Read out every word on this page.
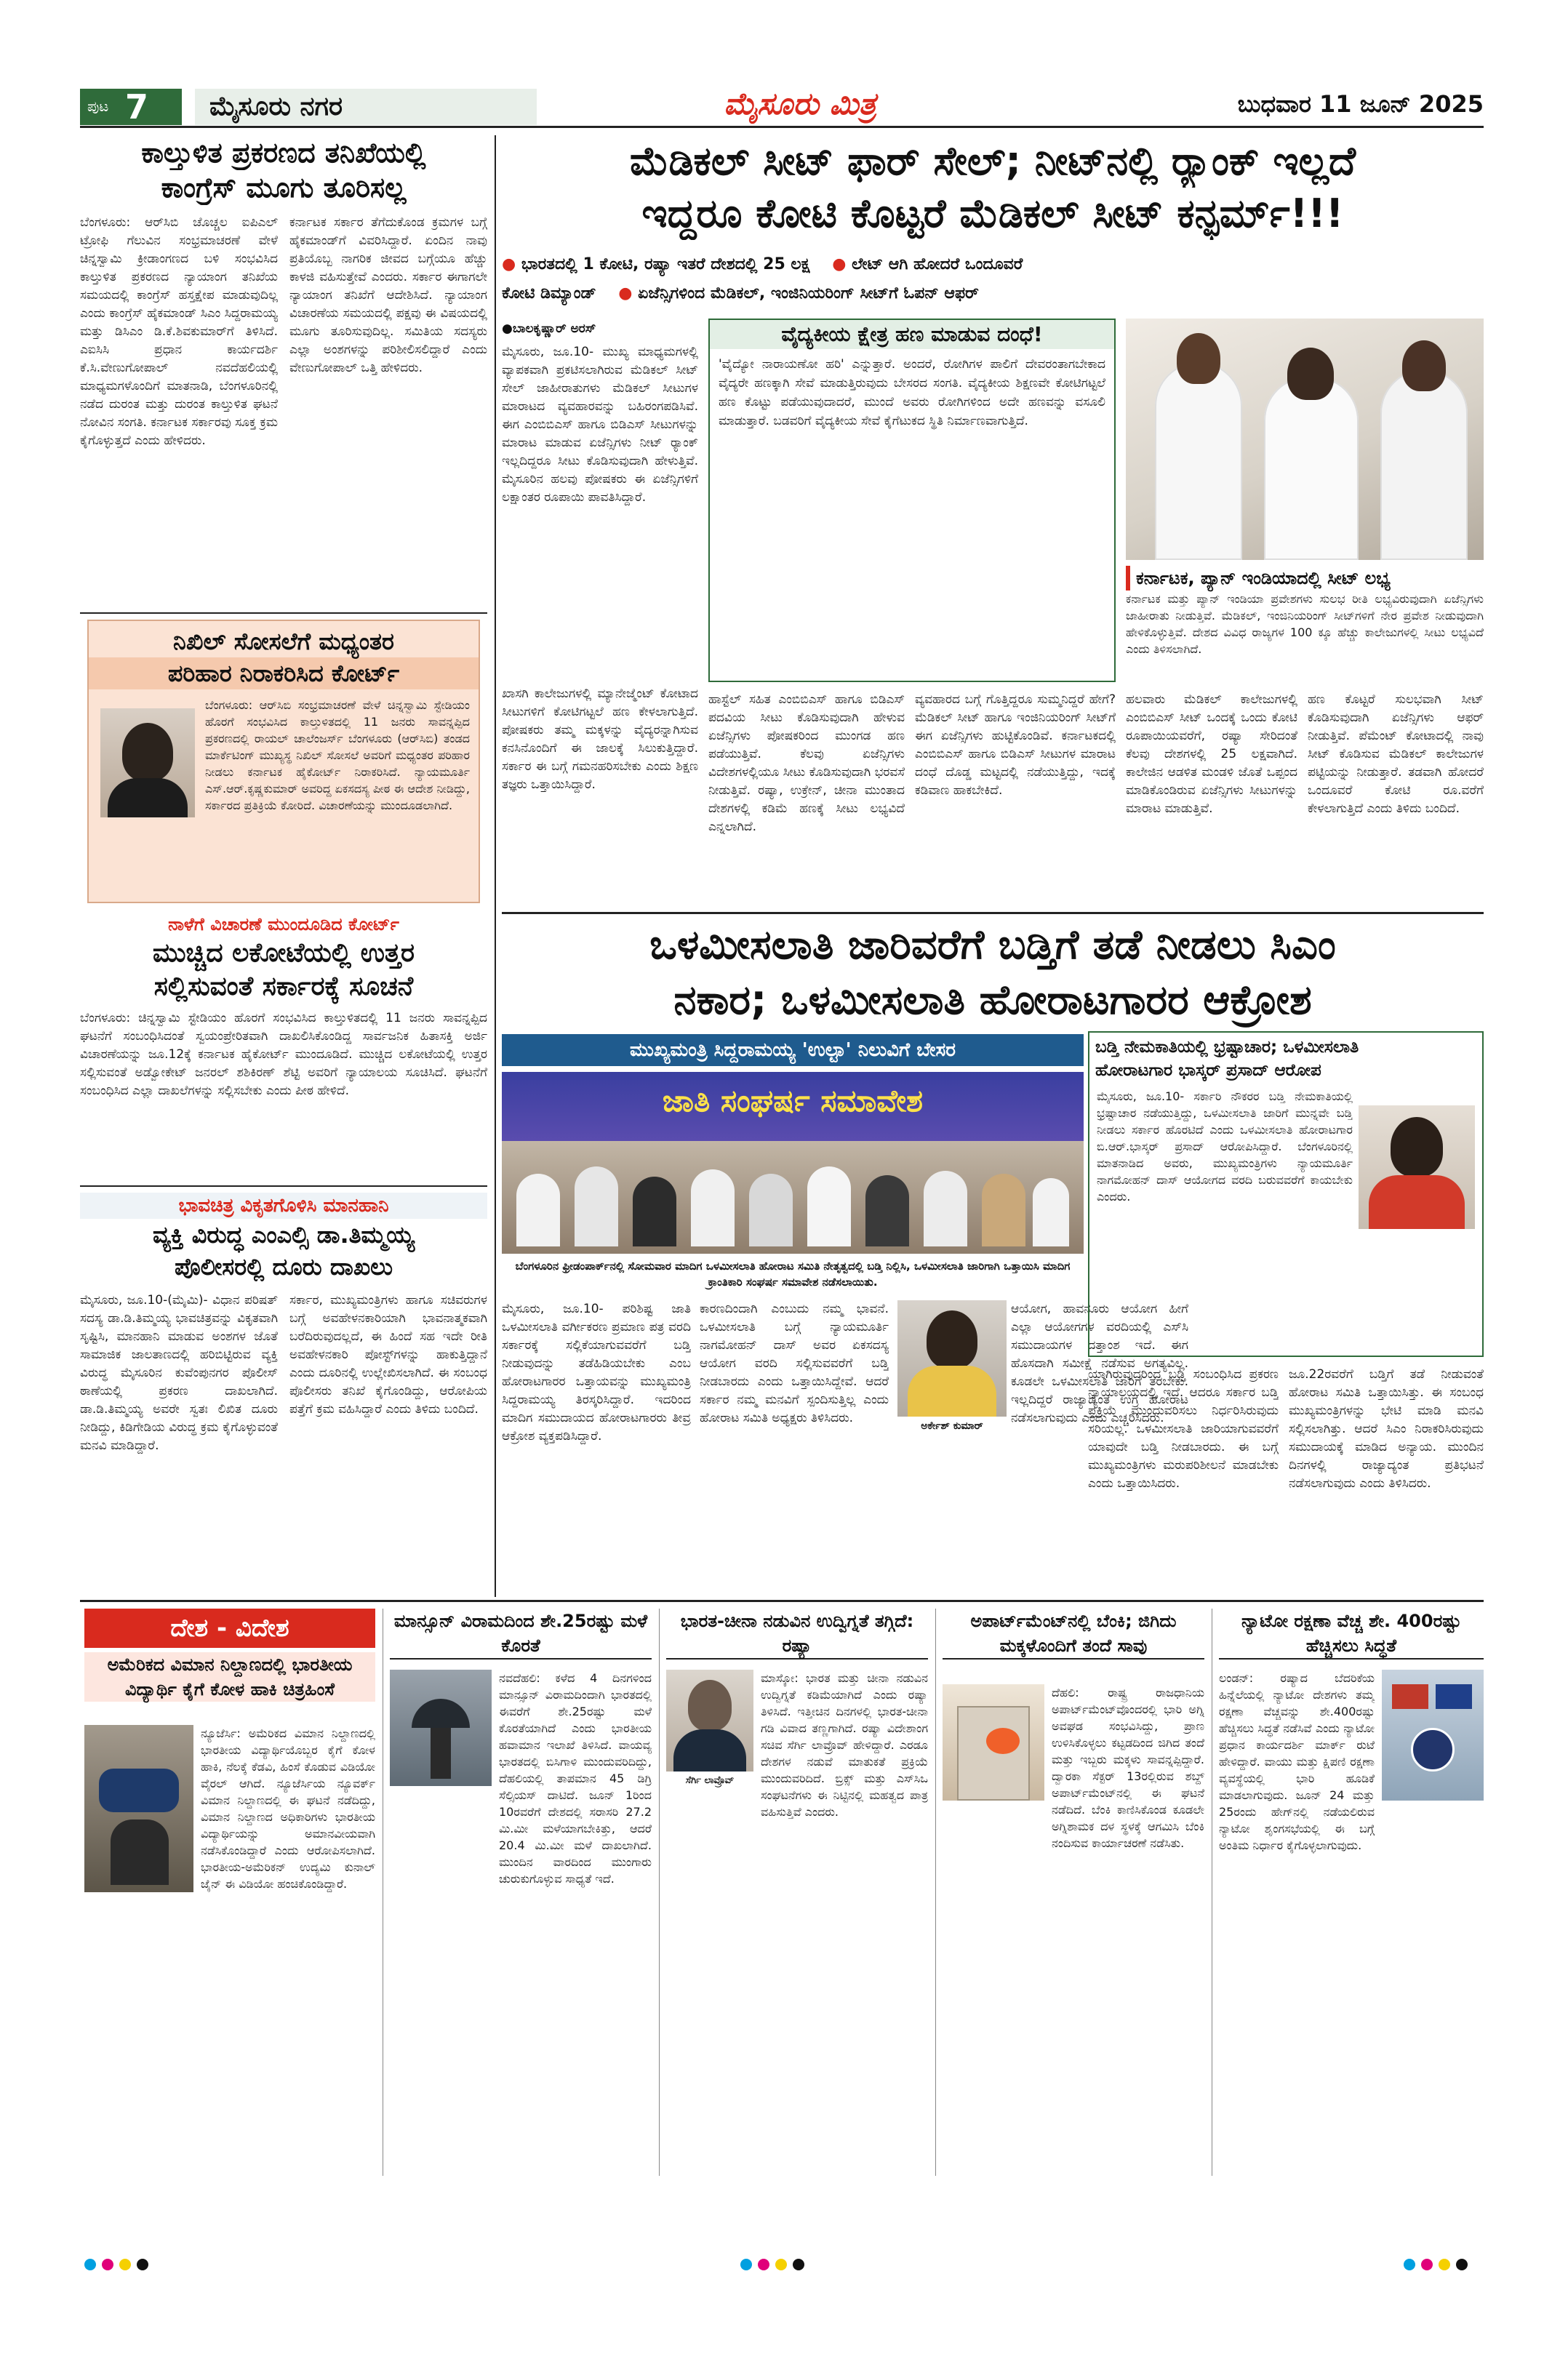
ಪುಟ 7	ಮೈಸೂರು ನಗರ	ಮೈಸೂರು ಮಿತ್ರ	ಬುಧವಾರ 11 ಜೂನ್ 2025
ಕಾಲ್ತುಳಿತ ಪ್ರಕರಣದ ತನಿಖೆಯಲ್ಲಿ
ಕಾಂಗ್ರೆಸ್ ಮೂಗು ತೂರಿಸಲ್ಲ
ಬೆಂಗಳೂರು: ಆರ್‌ಸಿಬಿ ಚೊಚ್ಚಲ ಐಪಿಎಲ್ ಟ್ರೋಫಿ ಗೆಲುವಿನ ಸಂಭ್ರಮಾಚರಣೆ ವೇಳೆ ಚಿನ್ನಸ್ವಾಮಿ ಕ್ರೀಡಾಂಗಣದ ಬಳಿ ಸಂಭವಿಸಿದ ಕಾಲ್ತುಳಿತ ಪ್ರಕರಣದ ನ್ಯಾಯಾಂಗ ತನಿಖೆಯ ಸಮಯದಲ್ಲಿ ಕಾಂಗ್ರೆಸ್ ಹಸ್ತಕ್ಷೇಪ ಮಾಡುವುದಿಲ್ಲ ಎಂದು ಕಾಂಗ್ರೆಸ್ ಹೈಕಮಾಂಡ್ ಸಿಎಂ ಸಿದ್ದರಾಮಯ್ಯ ಮತ್ತು ಡಿಸಿಎಂ ಡಿ.ಕೆ.ಶಿವಕುಮಾರ್‌ಗೆ ತಿಳಿಸಿದೆ. ಎಐಸಿಸಿ ಪ್ರಧಾನ ಕಾರ್ಯದರ್ಶಿ ಕೆ.ಸಿ.ವೇಣುಗೋಪಾಲ್ ನವದೆಹಲಿಯಲ್ಲಿ ಮಾಧ್ಯಮಗಳೊಂದಿಗೆ ಮಾತನಾಡಿ, ಬೆಂಗಳೂರಿನಲ್ಲಿ ನಡೆದ ದುರಂತ ಮತ್ತು ದುರಂತ ಕಾಲ್ತುಳಿತ ಘಟನೆ ನೋವಿನ ಸಂಗತಿ. ಕರ್ನಾಟಕ ಸರ್ಕಾರವು ಸೂಕ್ತ ಕ್ರಮ ಕೈಗೊಳ್ಳುತ್ತದೆ ಎಂದು ಹೇಳಿದರು.
ಕರ್ನಾಟಕ ಸರ್ಕಾರ ತೆಗೆದುಕೊಂಡ ಕ್ರಮಗಳ ಬಗ್ಗೆ ಹೈಕಮಾಂಡ್‌ಗೆ ವಿವರಿಸಿದ್ದಾರೆ. ಏಂದಿನ ನಾವು ಪ್ರತಿಯೊಬ್ಬ ನಾಗರಿಕ ಜೀವದ ಬಗ್ಗೆಯೂ ಹೆಚ್ಚು ಕಾಳಜಿ ವಹಿಸುತ್ತೇವೆ ಎಂದರು. ಸರ್ಕಾರ ಈಗಾಗಲೇ ನ್ಯಾಯಾಂಗ ತನಿಖೆಗೆ ಆದೇಶಿಸಿದೆ. ನ್ಯಾಯಾಂಗ ವಿಚಾರಣೆಯ ಸಮಯದಲ್ಲಿ ಪಕ್ಷವು ಈ ವಿಷಯದಲ್ಲಿ ಮೂಗು ತೂರಿಸುವುದಿಲ್ಲ. ಸಮಿತಿಯ ಸದಸ್ಯರು ಎಲ್ಲಾ ಅಂಶಗಳನ್ನು ಪರಿಶೀಲಿಸಲಿದ್ದಾರೆ ಎಂದು ವೇಣುಗೋಪಾಲ್ ಒತ್ತಿ ಹೇಳಿದರು.
ನಿಖಿಲ್ ಸೋಸಲೆಗೆ ಮಧ್ಯಂತರ
ಪರಿಹಾರ ನಿರಾಕರಿಸಿದ ಕೋರ್ಟ್
ಬೆಂಗಳೂರು: ಆರ್‌ಸಿಬಿ ಸಂಭ್ರಮಾಚರಣೆ ವೇಳೆ ಚಿನ್ನಸ್ವಾಮಿ ಸ್ಟೇಡಿಯಂ ಹೊರಗೆ ಸಂಭವಿಸಿದ ಕಾಲ್ತುಳಿತದಲ್ಲಿ 11 ಜನರು ಸಾವನ್ನಪ್ಪಿದ ಪ್ರಕರಣದಲ್ಲಿ ರಾಯಲ್ ಚಾಲೆಂಜರ್ಸ್ ಬೆಂಗಳೂರು (ಆರ್‌ಸಿಬಿ) ತಂಡದ ಮಾರ್ಕೆಟಿಂಗ್ ಮುಖ್ಯಸ್ಥ ನಿಖಿಲ್ ಸೋಸಲೆ ಅವರಿಗೆ ಮಧ್ಯಂತರ ಪರಿಹಾರ ನೀಡಲು ಕರ್ನಾಟಕ ಹೈಕೋರ್ಟ್ ನಿರಾಕರಿಸಿದೆ. ನ್ಯಾಯಮೂರ್ತಿ ಎಸ್.ಆರ್.ಕೃಷ್ಣಕುಮಾರ್ ಅವರಿದ್ದ ಏಕಸದಸ್ಯ ಪೀಠ ಈ ಆದೇಶ ನೀಡಿದ್ದು, ಸರ್ಕಾರದ ಪ್ರತಿಕ್ರಿಯೆ ಕೋರಿದೆ. ವಿಚಾರಣೆಯನ್ನು ಮುಂದೂಡಲಾಗಿದೆ.
ನಾಳೆಗೆ ವಿಚಾರಣೆ ಮುಂದೂಡಿದ ಕೋರ್ಟ್
ಮುಚ್ಚಿದ ಲಕೋಟೆಯಲ್ಲಿ ಉತ್ತರ
ಸಲ್ಲಿಸುವಂತೆ ಸರ್ಕಾರಕ್ಕೆ ಸೂಚನೆ
ಬೆಂಗಳೂರು: ಚಿನ್ನಸ್ವಾಮಿ ಸ್ಟೇಡಿಯಂ ಹೊರಗೆ ಸಂಭವಿಸಿದ ಕಾಲ್ತುಳಿತದಲ್ಲಿ 11 ಜನರು ಸಾವನ್ನಪ್ಪಿದ ಘಟನೆಗೆ ಸಂಬಂಧಿಸಿದಂತೆ ಸ್ವಯಂಪ್ರೇರಿತವಾಗಿ ದಾಖಲಿಸಿಕೊಂಡಿದ್ದ ಸಾರ್ವಜನಿಕ ಹಿತಾಸಕ್ತಿ ಅರ್ಜಿ ವಿಚಾರಣೆಯನ್ನು ಜೂ.12ಕ್ಕೆ ಕರ್ನಾಟಕ ಹೈಕೋರ್ಟ್ ಮುಂದೂಡಿದೆ. ಮುಚ್ಚಿದ ಲಕೋಟೆಯಲ್ಲಿ ಉತ್ತರ ಸಲ್ಲಿಸುವಂತೆ ಅಡ್ವೋಕೇಟ್ ಜನರಲ್ ಶಶಿಕಿರಣ್ ಶೆಟ್ಟಿ ಅವರಿಗೆ ನ್ಯಾಯಾಲಯ ಸೂಚಿಸಿದೆ. ಘಟನೆಗೆ ಸಂಬಂಧಿಸಿದ ಎಲ್ಲಾ ದಾಖಲೆಗಳನ್ನು ಸಲ್ಲಿಸಬೇಕು ಎಂದು ಪೀಠ ಹೇಳಿದೆ.
ಭಾವಚಿತ್ರ ವಿಕೃತಗೊಳಿಸಿ ಮಾನಹಾನಿ
ವ್ಯಕ್ತಿ ವಿರುದ್ಧ ಎಂಎಲ್ಸಿ ಡಾ.ತಿಮ್ಮಯ್ಯ
ಪೊಲೀಸರಲ್ಲಿ ದೂರು ದಾಖಲು
ಮೈಸೂರು, ಜೂ.10-(ಮೈಮಿ)- ವಿಧಾನ ಪರಿಷತ್ ಸದಸ್ಯ ಡಾ.ಡಿ.ತಿಮ್ಮಯ್ಯ ಭಾವಚಿತ್ರವನ್ನು ವಿಕೃತವಾಗಿ ಸೃಷ್ಟಿಸಿ, ಮಾನಹಾನಿ ಮಾಡುವ ಅಂಶಗಳ ಜೊತೆ ಸಾಮಾಜಿಕ ಜಾಲತಾಣದಲ್ಲಿ ಹರಿಬಿಟ್ಟಿರುವ ವ್ಯಕ್ತಿ ವಿರುದ್ಧ ಮೈಸೂರಿನ ಕುವೆಂಪುನಗರ ಪೊಲೀಸ್ ಠಾಣೆಯಲ್ಲಿ ಪ್ರಕರಣ ದಾಖಲಾಗಿದೆ. ಡಾ.ಡಿ.ತಿಮ್ಮಯ್ಯ ಅವರೇ ಸ್ವತಃ ಲಿಖಿತ ದೂರು ನೀಡಿದ್ದು, ಕಿಡಿಗೇಡಿಯ ವಿರುದ್ಧ ಕ್ರಮ ಕೈಗೊಳ್ಳುವಂತೆ ಮನವಿ ಮಾಡಿದ್ದಾರೆ.
ಸರ್ಕಾರ, ಮುಖ್ಯಮಂತ್ರಿಗಳು ಹಾಗೂ ಸಚಿವರುಗಳ ಬಗ್ಗೆ ಅವಹೇಳನಕಾರಿಯಾಗಿ ಭಾವನಾತ್ಮಕವಾಗಿ ಬರೆದಿರುವುದಲ್ಲದೆ, ಈ ಹಿಂದೆ ಸಹ ಇದೇ ರೀತಿ ಅವಹೇಳನಕಾರಿ ಪೋಸ್ಟ್‌ಗಳನ್ನು ಹಾಕುತ್ತಿದ್ದಾನೆ ಎಂದು ದೂರಿನಲ್ಲಿ ಉಲ್ಲೇಖಿಸಲಾಗಿದೆ. ಈ ಸಂಬಂಧ ಪೊಲೀಸರು ತನಿಖೆ ಕೈಗೊಂಡಿದ್ದು, ಆರೋಪಿಯ ಪತ್ತೆಗೆ ಕ್ರಮ ವಹಿಸಿದ್ದಾರೆ ಎಂದು ತಿಳಿದು ಬಂದಿದೆ.
ಮೆಡಿಕಲ್ ಸೀಟ್ ಫಾರ್ ಸೇಲ್; ನೀಟ್‌ನಲ್ಲಿ ರ್‍ಯಾಂಕ್ ಇಲ್ಲದೆ
ಇದ್ದರೂ ಕೋಟಿ ಕೊಟ್ಟರೆ ಮೆಡಿಕಲ್ ಸೀಟ್ ಕನ್ಫರ್ಮ್!!!
● ಭಾರತದಲ್ಲಿ 1 ಕೋಟಿ, ರಷ್ಯಾ ಇತರೆ ದೇಶದಲ್ಲಿ 25 ಲಕ್ಷ ● ಲೇಟ್ ಆಗಿ ಹೋದರೆ ಒಂದೂವರೆ
ಕೋಟಿ ಡಿಮ್ಯಾಂಡ್ ● ಏಜೆನ್ಸಿಗಳಿಂದ ಮೆಡಿಕಲ್, ಇಂಜಿನಿಯರಿಂಗ್ ಸೀಟ್‌ಗೆ ಓಪನ್ ಆಫರ್
●ಬಾಲಕೃಷ್ಣಾರ್ ಅರಸ್
ಮೈಸೂರು, ಜೂ.10- ಮುಖ್ಯ ಮಾಧ್ಯಮಗಳಲ್ಲಿ ವ್ಯಾಪಕವಾಗಿ ಪ್ರಕಟಿಸಲಾಗಿರುವ ಮೆಡಿಕಲ್ ಸೀಟ್ ಸೇಲ್ ಜಾಹೀರಾತುಗಳು ಮೆಡಿಕಲ್ ಸೀಟುಗಳ ಮಾರಾಟದ ವ್ಯವಹಾರವನ್ನು ಬಹಿರಂಗಪಡಿಸಿವೆ. ಈಗ ಎಂಬಿಬಿಎಸ್ ಹಾಗೂ ಬಿಡಿಎಸ್ ಸೀಟುಗಳನ್ನು ಮಾರಾಟ ಮಾಡುವ ಏಜೆನ್ಸಿಗಳು ನೀಟ್ ರ್‍ಯಾಂಕ್ ಇಲ್ಲದಿದ್ದರೂ ಸೀಟು ಕೊಡಿಸುವುದಾಗಿ ಹೇಳುತ್ತಿವೆ. ಮೈಸೂರಿನ ಹಲವು ಪೋಷಕರು ಈ ಏಜೆನ್ಸಿಗಳಿಗೆ ಲಕ್ಷಾಂತರ ರೂಪಾಯಿ ಪಾವತಿಸಿದ್ದಾರೆ.
ವೈದ್ಯಕೀಯ ಕ್ಷೇತ್ರ ಹಣ ಮಾಡುವ ದಂಧೆ!
'ವೈದ್ಯೋ ನಾರಾಯಣೋ ಹರಿ' ಎನ್ನುತ್ತಾರೆ. ಅಂದರೆ, ರೋಗಿಗಳ ಪಾಲಿಗೆ ದೇವರಂತಾಗಬೇಕಾದ ವೈದ್ಯರೇ ಹಣಕ್ಕಾಗಿ ಸೇವೆ ಮಾಡುತ್ತಿರುವುದು ಬೇಸರದ ಸಂಗತಿ. ವೈದ್ಯಕೀಯ ಶಿಕ್ಷಣವೇ ಕೋಟಿಗಟ್ಟಲೆ ಹಣ ಕೊಟ್ಟು ಪಡೆಯುವುದಾದರೆ, ಮುಂದೆ ಅವರು ರೋಗಿಗಳಿಂದ ಅದೇ ಹಣವನ್ನು ವಸೂಲಿ ಮಾಡುತ್ತಾರೆ. ಬಡವರಿಗೆ ವೈದ್ಯಕೀಯ ಸೇವೆ ಕೈಗೆಟುಕದ ಸ್ಥಿತಿ ನಿರ್ಮಾಣವಾಗುತ್ತಿದೆ.
ಕರ್ನಾಟಕ, ಪ್ಯಾನ್ ಇಂಡಿಯಾದಲ್ಲಿ ಸೀಟ್ ಲಭ್ಯ
ಕರ್ನಾಟಕ ಮತ್ತು ಪ್ಯಾನ್ ಇಂಡಿಯಾ ಪ್ರವೇಶಗಳು ಸುಲಭ ರೀತಿ ಲಭ್ಯವಿರುವುದಾಗಿ ಏಜೆನ್ಸಿಗಳು ಜಾಹೀರಾತು ನೀಡುತ್ತಿವೆ. ಮೆಡಿಕಲ್, ಇಂಜಿನಿಯರಿಂಗ್ ಸೀಟ್‌ಗಳಿಗೆ ನೇರ ಪ್ರವೇಶ ನೀಡುವುದಾಗಿ ಹೇಳಿಕೊಳ್ಳುತ್ತಿವೆ. ದೇಶದ ವಿವಿಧ ರಾಜ್ಯಗಳ 100 ಕ್ಕೂ ಹೆಚ್ಚು ಕಾಲೇಜುಗಳಲ್ಲಿ ಸೀಟು ಲಭ್ಯವಿದೆ ಎಂದು ತಿಳಿಸಲಾಗಿದೆ.
ಖಾಸಗಿ ಕಾಲೇಜುಗಳಲ್ಲಿ ಮ್ಯಾನೇಜ್ಮೆಂಟ್ ಕೋಟಾದ ಸೀಟುಗಳಿಗೆ ಕೋಟಿಗಟ್ಟಲೆ ಹಣ ಕೇಳಲಾಗುತ್ತಿದೆ. ಪೋಷಕರು ತಮ್ಮ ಮಕ್ಕಳನ್ನು ವೈದ್ಯರನ್ನಾಗಿಸುವ ಕನಸಿನೊಂದಿಗೆ ಈ ಜಾಲಕ್ಕೆ ಸಿಲುಕುತ್ತಿದ್ದಾರೆ. ಸರ್ಕಾರ ಈ ಬಗ್ಗೆ ಗಮನಹರಿಸಬೇಕು ಎಂದು ಶಿಕ್ಷಣ ತಜ್ಞರು ಒತ್ತಾಯಿಸಿದ್ದಾರೆ.
ಹಾಸ್ಟೆಲ್ ಸಹಿತ ಎಂಬಿಬಿಎಸ್ ಹಾಗೂ ಬಿಡಿಎಸ್ ಪದವಿಯ ಸೀಟು ಕೊಡಿಸುವುದಾಗಿ ಹೇಳುವ ಏಜೆನ್ಸಿಗಳು ಪೋಷಕರಿಂದ ಮುಂಗಡ ಹಣ ಪಡೆಯುತ್ತಿವೆ. ಕೆಲವು ಏಜೆನ್ಸಿಗಳು ವಿದೇಶಗಳಲ್ಲಿಯೂ ಸೀಟು ಕೊಡಿಸುವುದಾಗಿ ಭರವಸೆ ನೀಡುತ್ತಿವೆ. ರಷ್ಯಾ, ಉಕ್ರೇನ್, ಚೀನಾ ಮುಂತಾದ ದೇಶಗಳಲ್ಲಿ ಕಡಿಮೆ ಹಣಕ್ಕೆ ಸೀಟು ಲಭ್ಯವಿದೆ ಎನ್ನಲಾಗಿದೆ.
ವ್ಯವಹಾರದ ಬಗ್ಗೆ ಗೊತ್ತಿದ್ದರೂ ಸುಮ್ಮನಿದ್ದರೆ ಹೇಗೆ? ಮೆಡಿಕಲ್ ಸೀಟ್ ಹಾಗೂ ಇಂಜಿನಿಯರಿಂಗ್ ಸೀಟ್‌ಗೆ ಈಗ ಏಜೆನ್ಸಿಗಳು ಹುಟ್ಟಿಕೊಂಡಿವೆ. ಕರ್ನಾಟಕದಲ್ಲಿ ಎಂಬಿಬಿಎಸ್ ಹಾಗೂ ಬಿಡಿಎಸ್ ಸೀಟುಗಳ ಮಾರಾಟ ದಂಧೆ ದೊಡ್ಡ ಮಟ್ಟದಲ್ಲಿ ನಡೆಯುತ್ತಿದ್ದು, ಇದಕ್ಕೆ ಕಡಿವಾಣ ಹಾಕಬೇಕಿದೆ.
ಹಲವಾರು ಮೆಡಿಕಲ್ ಕಾಲೇಜುಗಳಲ್ಲಿ ಎಂಬಿಬಿಎಸ್ ಸೀಟ್ ಒಂದಕ್ಕೆ ಒಂದು ಕೋಟಿ ರೂಪಾಯಿಯವರೆಗೆ, ರಷ್ಯಾ ಸೇರಿದಂತೆ ಕೆಲವು ದೇಶಗಳಲ್ಲಿ 25 ಲಕ್ಷವಾಗಿದೆ. ಕಾಲೇಜಿನ ಆಡಳಿತ ಮಂಡಳಿ ಜೊತೆ ಒಪ್ಪಂದ ಮಾಡಿಕೊಂಡಿರುವ ಏಜೆನ್ಸಿಗಳು ಸೀಟುಗಳನ್ನು ಮಾರಾಟ ಮಾಡುತ್ತಿವೆ.
ಹಣ ಕೊಟ್ಟರೆ ಸುಲಭವಾಗಿ ಸೀಟ್ ಕೊಡಿಸುವುದಾಗಿ ಏಜೆನ್ಸಿಗಳು ಆಫರ್ ನೀಡುತ್ತಿವೆ. ಪೆಮೆಂಟ್ ಕೋಟಾದಲ್ಲಿ ನಾವು ಸೀಟ್ ಕೊಡಿಸುವ ಮೆಡಿಕಲ್ ಕಾಲೇಜುಗಳ ಪಟ್ಟಿಯನ್ನು ನೀಡುತ್ತಾರೆ. ತಡವಾಗಿ ಹೋದರೆ ಒಂದೂವರೆ ಕೋಟಿ ರೂ.ವರೆಗೆ ಕೇಳಲಾಗುತ್ತಿದೆ ಎಂದು ತಿಳಿದು ಬಂದಿದೆ.
ಒಳಮೀಸಲಾತಿ ಜಾರಿವರೆಗೆ ಬಡ್ತಿಗೆ ತಡೆ ನೀಡಲು ಸಿಎಂ
ನಕಾರ; ಒಳಮೀಸಲಾತಿ ಹೋರಾಟಗಾರರ ಆಕ್ರೋಶ
ಮುಖ್ಯಮಂತ್ರಿ ಸಿದ್ದರಾಮಯ್ಯ 'ಉಲ್ಟಾ' ನಿಲುವಿಗೆ ಬೇಸರ
ಜಾತಿ ಸಂಘರ್ಷ ಸಮಾವೇಶ
ಬೆಂಗಳೂರಿನ ಫ್ರೀಡಂಪಾರ್ಕ್‌ನಲ್ಲಿ ಸೋಮವಾರ ಮಾದಿಗ ಒಳಮೀಸಲಾತಿ ಹೋರಾಟ ಸಮಿತಿ ನೇತೃತ್ವದಲ್ಲಿ ಬಡ್ತಿ ನಿಲ್ಲಿಸಿ, ಒಳಮೀಸಲಾತಿ ಜಾರಿಗಾಗಿ ಒತ್ತಾಯಿಸಿ ಮಾದಿಗ ಕ್ರಾಂತಿಕಾರಿ ಸಂಘರ್ಷ ಸಮಾವೇಶ ನಡೆಸಲಾಯಿತು.
ಮೈಸೂರು, ಜೂ.10- ಪರಿಶಿಷ್ಟ ಜಾತಿ ಒಳಮೀಸಲಾತಿ ವರ್ಗೀಕರಣ ಪ್ರಮಾಣ ಪತ್ರ ವರದಿ ಸರ್ಕಾರಕ್ಕೆ ಸಲ್ಲಿಕೆಯಾಗುವವರೆಗೆ ಬಡ್ತಿ ನೀಡುವುದನ್ನು ತಡೆಹಿಡಿಯಬೇಕು ಎಂಬ ಹೋರಾಟಗಾರರ ಒತ್ತಾಯವನ್ನು ಮುಖ್ಯಮಂತ್ರಿ ಸಿದ್ದರಾಮಯ್ಯ ತಿರಸ್ಕರಿಸಿದ್ದಾರೆ. ಇದರಿಂದ ಮಾದಿಗ ಸಮುದಾಯದ ಹೋರಾಟಗಾರರು ತೀವ್ರ ಆಕ್ರೋಶ ವ್ಯಕ್ತಪಡಿಸಿದ್ದಾರೆ.
ಕಾರಣದಿಂದಾಗಿ ಎಂಬುದು ನಮ್ಮ ಭಾವನೆ. ಒಳಮೀಸಲಾತಿ ಬಗ್ಗೆ ನ್ಯಾಯಮೂರ್ತಿ ನಾಗಮೋಹನ್ ದಾಸ್ ಅವರ ಏಕಸದಸ್ಯ ಆಯೋಗ ವರದಿ ಸಲ್ಲಿಸುವವರೆಗೆ ಬಡ್ತಿ ನೀಡಬಾರದು ಎಂದು ಒತ್ತಾಯಿಸಿದ್ದೇವೆ. ಆದರೆ ಸರ್ಕಾರ ನಮ್ಮ ಮನವಿಗೆ ಸ್ಪಂದಿಸುತ್ತಿಲ್ಲ ಎಂದು ಹೋರಾಟ ಸಮಿತಿ ಅಧ್ಯಕ್ಷರು ತಿಳಿಸಿದರು.
ಅರ್ಕೇಶ್ ಕುಮಾರ್
ಆಯೋಗ, ಹಾವನೂರು ಆಯೋಗ ಹೀಗೆ ಎಲ್ಲಾ ಆಯೋಗಗಳ ವರದಿಯಲ್ಲಿ ಎಸ್‌ಸಿ ಸಮುದಾಯಗಳ ದತ್ತಾಂಶ ಇದೆ. ಈಗ ಹೊಸದಾಗಿ ಸಮೀಕ್ಷೆ ನಡೆಸುವ ಅಗತ್ಯವಿಲ್ಲ. ಕೂಡಲೇ ಒಳಮೀಸಲಾತಿ ಜಾರಿಗೆ ತರಬೇಕು. ಇಲ್ಲದಿದ್ದರೆ ರಾಜ್ಯಾದ್ಯಂತ ಉಗ್ರ ಹೋರಾಟ ನಡೆಸಲಾಗುವುದು ಎಂದು ಎಚ್ಚರಿಸಿದರು.
ಬಡ್ತಿ ನೇಮಕಾತಿಯಲ್ಲಿ ಭ್ರಷ್ಟಾಚಾರ; ಒಳಮೀಸಲಾತಿ
ಹೋರಾಟಗಾರ ಭಾಸ್ಕರ್ ಪ್ರಸಾದ್ ಆರೋಪ
ಮೈಸೂರು, ಜೂ.10- ಸರ್ಕಾರಿ ನೌಕರರ ಬಡ್ತಿ ನೇಮಕಾತಿಯಲ್ಲಿ ಭ್ರಷ್ಟಾಚಾರ ನಡೆಯುತ್ತಿದ್ದು, ಒಳಮೀಸಲಾತಿ ಜಾರಿಗೆ ಮುನ್ನವೇ ಬಡ್ತಿ ನೀಡಲು ಸರ್ಕಾರ ಹೊರಟಿದೆ ಎಂದು ಒಳಮೀಸಲಾತಿ ಹೋರಾಟಗಾರ ಬಿ.ಆರ್.ಭಾಸ್ಕರ್ ಪ್ರಸಾದ್ ಆರೋಪಿಸಿದ್ದಾರೆ. ಬೆಂಗಳೂರಿನಲ್ಲಿ ಮಾತನಾಡಿದ ಅವರು, ಮುಖ್ಯಮಂತ್ರಿಗಳು ನ್ಯಾಯಮೂರ್ತಿ ನಾಗಮೋಹನ್ ದಾಸ್ ಆಯೋಗದ ವರದಿ ಬರುವವರೆಗೆ ಕಾಯಬೇಕು ಎಂದರು.
ಯಾಗಿರುವುದರಿಂದ ಬಡ್ತಿ ಸಂಬಂಧಿಸಿದ ಪ್ರಕರಣ ನ್ಯಾಯಾಲಯದಲ್ಲಿ ಇದೆ. ಆದರೂ ಸರ್ಕಾರ ಬಡ್ತಿ ಪ್ರಕ್ರಿಯೆ ಮುಂದುವರಿಸಲು ನಿರ್ಧರಿಸಿರುವುದು ಸರಿಯಲ್ಲ. ಒಳಮೀಸಲಾತಿ ಜಾರಿಯಾಗುವವರೆಗೆ ಯಾವುದೇ ಬಡ್ತಿ ನೀಡಬಾರದು. ಈ ಬಗ್ಗೆ ಮುಖ್ಯಮಂತ್ರಿಗಳು ಮರುಪರಿಶೀಲನೆ ಮಾಡಬೇಕು ಎಂದು ಒತ್ತಾಯಿಸಿದರು.
ಜೂ.22ರವರೆಗೆ ಬಡ್ತಿಗೆ ತಡೆ ನೀಡುವಂತೆ ಹೋರಾಟ ಸಮಿತಿ ಒತ್ತಾಯಿಸಿತ್ತು. ಈ ಸಂಬಂಧ ಮುಖ್ಯಮಂತ್ರಿಗಳನ್ನು ಭೇಟಿ ಮಾಡಿ ಮನವಿ ಸಲ್ಲಿಸಲಾಗಿತ್ತು. ಆದರೆ ಸಿಎಂ ನಿರಾಕರಿಸಿರುವುದು ಸಮುದಾಯಕ್ಕೆ ಮಾಡಿದ ಅನ್ಯಾಯ. ಮುಂದಿನ ದಿನಗಳಲ್ಲಿ ರಾಜ್ಯಾದ್ಯಂತ ಪ್ರತಿಭಟನೆ ನಡೆಸಲಾಗುವುದು ಎಂದು ತಿಳಿಸಿದರು.
ದೇಶ - ವಿದೇಶ
ಅಮೆರಿಕದ ವಿಮಾನ ನಿಲ್ದಾಣದಲ್ಲಿ ಭಾರತೀಯ ವಿದ್ಯಾರ್ಥಿ ಕೈಗೆ ಕೋಳ ಹಾಕಿ ಚಿತ್ರಹಿಂಸೆ
ನ್ಯೂಜೆರ್ಸಿ: ಅಮೆರಿಕದ ವಿಮಾನ ನಿಲ್ದಾಣದಲ್ಲಿ ಭಾರತೀಯ ವಿದ್ಯಾರ್ಥಿಯೊಬ್ಬರ ಕೈಗೆ ಕೋಳ ಹಾಕಿ, ನೆಲಕ್ಕೆ ಕೆಡವಿ, ಹಿಂಸೆ ಕೊಡುವ ವಿಡಿಯೋ ವೈರಲ್ ಆಗಿದೆ. ನ್ಯೂಜೆರ್ಸಿಯ ನ್ಯೂವರ್ಕ್ ವಿಮಾನ ನಿಲ್ದಾಣದಲ್ಲಿ ಈ ಘಟನೆ ನಡೆದಿದ್ದು, ವಿಮಾನ ನಿಲ್ದಾಣದ ಅಧಿಕಾರಿಗಳು ಭಾರತೀಯ ವಿದ್ಯಾರ್ಥಿಯನ್ನು ಅಮಾನವೀಯವಾಗಿ ನಡೆಸಿಕೊಂಡಿದ್ದಾರೆ ಎಂದು ಆರೋಪಿಸಲಾಗಿದೆ. ಭಾರತೀಯ-ಅಮೆರಿಕನ್ ಉದ್ಯಮಿ ಕುನಾಲ್ ಜೈನ್ ಈ ವಿಡಿಯೋ ಹಂಚಿಕೊಂಡಿದ್ದಾರೆ.
ಮಾನ್ಸೂನ್ ವಿರಾಮದಿಂದ ಶೇ.25ರಷ್ಟು ಮಳೆ ಕೊರತೆ
ನವದೆಹಲಿ: ಕಳೆದ 4 ದಿನಗಳಿಂದ ಮಾನ್ಸೂನ್ ವಿರಾಮದಿಂದಾಗಿ ಭಾರತದಲ್ಲಿ ಈವರೆಗೆ ಶೇ.25ರಷ್ಟು ಮಳೆ ಕೊರತೆಯಾಗಿದೆ ಎಂದು ಭಾರತೀಯ ಹವಾಮಾನ ಇಲಾಖೆ ತಿಳಿಸಿದೆ. ವಾಯವ್ಯ ಭಾರತದಲ್ಲಿ ಬಿಸಿಗಾಳಿ ಮುಂದುವರಿದಿದ್ದು, ದೆಹಲಿಯಲ್ಲಿ ತಾಪಮಾನ 45 ಡಿಗ್ರಿ ಸೆಲ್ಸಿಯಸ್ ದಾಟಿದೆ. ಜೂನ್ 1ರಿಂದ 10ರವರೆಗೆ ದೇಶದಲ್ಲಿ ಸರಾಸರಿ 27.2 ಮಿ.ಮೀ ಮಳೆಯಾಗಬೇಕಿತ್ತು, ಆದರೆ 20.4 ಮಿ.ಮೀ ಮಳೆ ದಾಖಲಾಗಿದೆ. ಮುಂದಿನ ವಾರದಿಂದ ಮುಂಗಾರು ಚುರುಕುಗೊಳ್ಳುವ ಸಾಧ್ಯತೆ ಇದೆ.
ಭಾರತ-ಚೀನಾ ನಡುವಿನ ಉದ್ವಿಗ್ನತೆ ತಗ್ಗಿದೆ: ರಷ್ಯಾ
ಸೆರ್ಗಿ ಲಾವ್ರೊವ್
ಮಾಸ್ಕೋ: ಭಾರತ ಮತ್ತು ಚೀನಾ ನಡುವಿನ ಉದ್ವಿಗ್ನತೆ ಕಡಿಮೆಯಾಗಿದೆ ಎಂದು ರಷ್ಯಾ ತಿಳಿಸಿದೆ. ಇತ್ತೀಚಿನ ದಿನಗಳಲ್ಲಿ ಭಾರತ-ಚೀನಾ ಗಡಿ ವಿವಾದ ತಣ್ಣಗಾಗಿದೆ. ರಷ್ಯಾ ವಿದೇಶಾಂಗ ಸಚಿವ ಸೆರ್ಗಿ ಲಾವ್ರೊವ್ ಹೇಳಿದ್ದಾರೆ. ಎರಡೂ ದೇಶಗಳ ನಡುವೆ ಮಾತುಕತೆ ಪ್ರಕ್ರಿಯೆ ಮುಂದುವರಿದಿದೆ. ಬ್ರಿಕ್ಸ್ ಮತ್ತು ಎಸ್‌ಸಿಒ ಸಂಘಟನೆಗಳು ಈ ನಿಟ್ಟಿನಲ್ಲಿ ಮಹತ್ವದ ಪಾತ್ರ ವಹಿಸುತ್ತಿವೆ ಎಂದರು.
ಅಪಾರ್ಟ್‌ಮೆಂಟ್‌ನಲ್ಲಿ ಬೆಂಕಿ; ಜಿಗಿದು ಮಕ್ಕಳೊಂದಿಗೆ ತಂದೆ ಸಾವು
ದೆಹಲಿ: ರಾಷ್ಟ್ರ ರಾಜಧಾನಿಯ ಅಪಾರ್ಟ್‌ಮೆಂಟ್‌ವೊಂದರಲ್ಲಿ ಭಾರಿ ಅಗ್ನಿ ಅವಘಡ ಸಂಭವಿಸಿದ್ದು, ಪ್ರಾಣ ಉಳಿಸಿಕೊಳ್ಳಲು ಕಟ್ಟಡದಿಂದ ಜಿಗಿದ ತಂದೆ ಮತ್ತು ಇಬ್ಬರು ಮಕ್ಕಳು ಸಾವನ್ನಪ್ಪಿದ್ದಾರೆ. ದ್ವಾರಕಾ ಸೆಕ್ಟರ್ 13ರಲ್ಲಿರುವ ಶಬ್ದ್ ಅಪಾರ್ಟ್‌ಮೆಂಟ್‌ನಲ್ಲಿ ಈ ಘಟನೆ ನಡೆದಿದೆ. ಬೆಂಕಿ ಕಾಣಿಸಿಕೊಂಡ ಕೂಡಲೇ ಅಗ್ನಿಶಾಮಕ ದಳ ಸ್ಥಳಕ್ಕೆ ಆಗಮಿಸಿ ಬೆಂಕಿ ನಂದಿಸುವ ಕಾರ್ಯಾಚರಣೆ ನಡೆಸಿತು.
ನ್ಯಾಟೋ ರಕ್ಷಣಾ ವೆಚ್ಚ ಶೇ. 400ರಷ್ಟು ಹೆಚ್ಚಿಸಲು ಸಿದ್ಧತೆ
ಲಂಡನ್: ರಷ್ಯಾದ ಬೆದರಿಕೆಯ ಹಿನ್ನೆಲೆಯಲ್ಲಿ ನ್ಯಾಟೋ ದೇಶಗಳು ತಮ್ಮ ರಕ್ಷಣಾ ವೆಚ್ಚವನ್ನು ಶೇ.400ರಷ್ಟು ಹೆಚ್ಚಿಸಲು ಸಿದ್ಧತೆ ನಡೆಸಿವೆ ಎಂದು ನ್ಯಾಟೋ ಪ್ರಧಾನ ಕಾರ್ಯದರ್ಶಿ ಮಾರ್ಕ್ ರುಟೆ ಹೇಳಿದ್ದಾರೆ. ವಾಯು ಮತ್ತು ಕ್ಷಿಪಣಿ ರಕ್ಷಣಾ ವ್ಯವಸ್ಥೆಯಲ್ಲಿ ಭಾರಿ ಹೂಡಿಕೆ ಮಾಡಲಾಗುವುದು. ಜೂನ್ 24 ಮತ್ತು 25ರಂದು ಹೇಗ್‌ನಲ್ಲಿ ನಡೆಯಲಿರುವ ನ್ಯಾಟೋ ಶೃಂಗಸಭೆಯಲ್ಲಿ ಈ ಬಗ್ಗೆ ಅಂತಿಮ ನಿರ್ಧಾರ ಕೈಗೊಳ್ಳಲಾಗುವುದು.
